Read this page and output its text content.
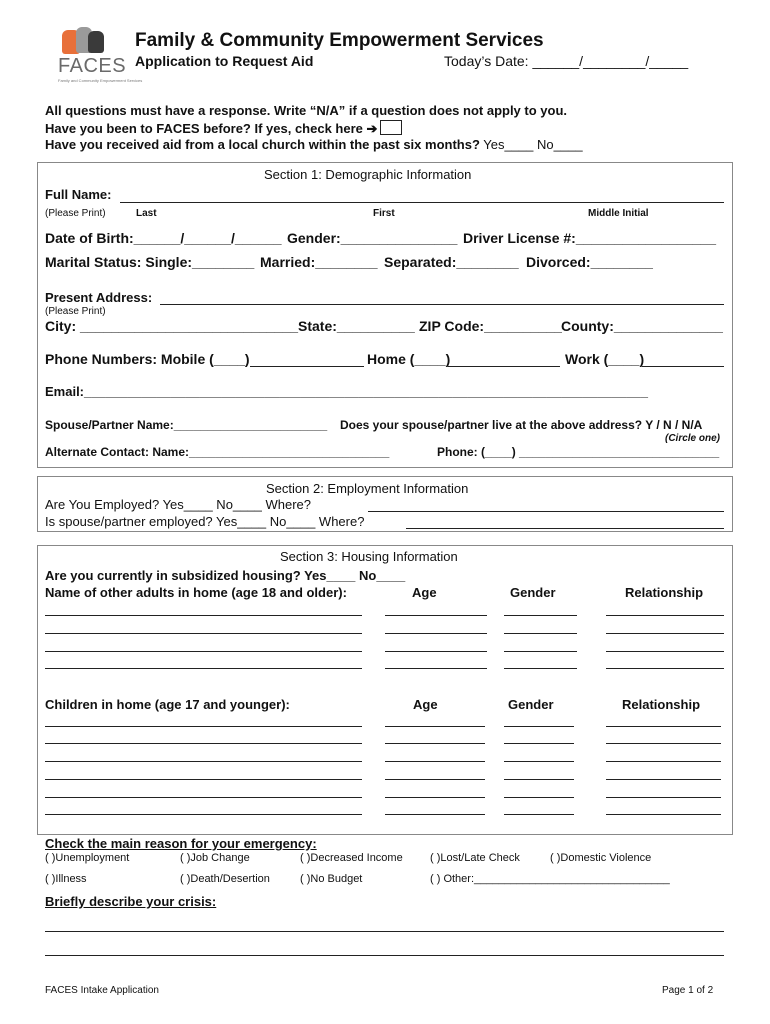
FACES
Family and Community Empowerment Services
Family & Community Empowerment Services
Application to Request Aid	Today’s Date: ______/________/_____
All questions must have a response. Write “N/A” if a question does not apply to you.
Have you been to FACES before? If yes, check here ➔
Have you received aid from a local church within the past six months? Yes____ No____
Section 1: Demographic Information
Full Name:
(Please Print)	Last	First	Middle Initial
Date of Birth:______/______/______ Gender:_______________ Driver License #:__________________
Marital Status: Single:________ Married:________ Separated:________ Divorced:________
Present Address:
(Please Print)
City: ____________________________ State:__________ ZIP Code:__________ County:______________
Phone Numbers: Mobile (____)	Home (____)	Work (____)
Email:______________________________________________________________________________
Spouse/Partner Name:_______________________ Does your spouse/partner live at the above address? Y / N / N/A
(Circle one)
Alternate Contact: Name:______________________________	Phone: (____) ______________________________
Section 2: Employment Information
Are You Employed? Yes____ No____ Where?
Is spouse/partner employed? Yes____ No____ Where?
Section 3: Housing Information
Are you currently in subsidized housing? Yes____ No____
Name of other adults in home (age 18 and older):	Age	Gender	Relationship
Children in home (age 17 and younger):	Age	Gender	Relationship
Check the main reason for your emergency:
( )Unemployment	( )Job Change	( )Decreased Income ( )Lost/Late Check	( )Domestic Violence
( )Illness	( )Death/Desertion	( )No Budget	( ) Other:________________________________
Briefly describe your crisis:
FACES Intake Application	Page 1 of 2
